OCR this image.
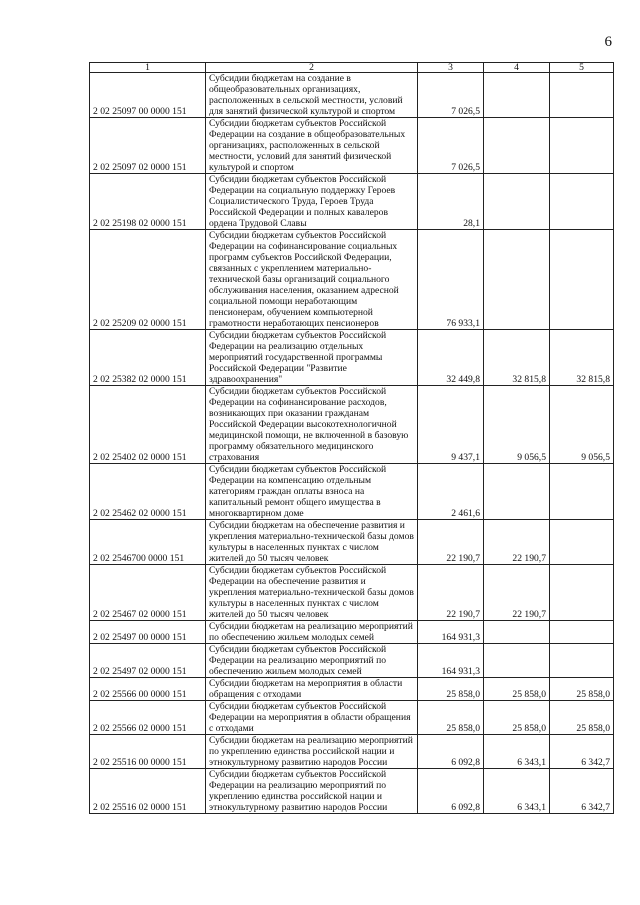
6
1	2	3	4	5
2 02 25097 00 0000 151	Субсидии бюджетам на создание в общеобразовательных организациях, расположенных в сельской местности, условий для занятий физической культурой и спортом	7 026,5		
2 02 25097 02 0000 151	Субсидии бюджетам субъектов Российской Федерации на создание в общеобразовательных организациях, расположенных в сельской местности, условий для занятий физической культурой и спортом	7 026,5		
2 02 25198 02 0000 151	Субсидии бюджетам субъектов Российской Федерации на социальную поддержку Героев Социалистического Труда, Героев Труда Российской Федерации и полных кавалеров ордена Трудовой Славы	28,1		
2 02 25209 02 0000 151	Субсидии бюджетам субъектов Российской Федерации на софинансирование социальных программ субъектов Российской Федерации, связанных с укреплением материально-технической базы организаций социального обслуживания населения, оказанием адресной социальной помощи неработающим пенсионерам, обучением компьютерной грамотности неработающих пенсионеров	76 933,1		
2 02 25382 02 0000 151	Субсидии бюджетам субъектов Российской Федерации на реализацию отдельных мероприятий государственной программы Российской Федерации "Развитие здравоохранения"	32 449,8	32 815,8	32 815,8
2 02 25402 02 0000 151	Субсидии бюджетам субъектов Российской Федерации на софинансирование расходов, возникающих при оказании гражданам Российской Федерации высокотехнологичной медицинской помощи, не включенной в базовую программу обязательного медицинского страхования	9 437,1	9 056,5	9 056,5
2 02 25462 02 0000 151	Субсидии бюджетам субъектов Российской Федерации на компенсацию отдельным категориям граждан оплаты взноса на капитальный ремонт общего имущества в многоквартирном доме	2 461,6		
2 02 2546700 0000 151	Субсидии бюджетам на обеспечение развития и укрепления материально-технической базы домов культуры в населенных пунктах с числом жителей до 50 тысяч человек	22 190,7	22 190,7	
2 02 25467 02 0000 151	Субсидии бюджетам субъектов Российской Федерации на обеспечение развития и укрепления материально-технической базы домов культуры в населенных пунктах с числом жителей до 50 тысяч человек	22 190,7	22 190,7	
2 02 25497 00 0000 151	Субсидии бюджетам на реализацию мероприятий по обеспечению жильем молодых семей	164 931,3		
2 02 25497 02 0000 151	Субсидии бюджетам субъектов Российской Федерации на реализацию мероприятий по обеспечению жильем молодых семей	164 931,3		
2 02 25566 00 0000 151	Субсидии бюджетам на мероприятия в области обращения с отходами	25 858,0	25 858,0	25 858,0
2 02 25566 02 0000 151	Субсидии бюджетам субъектов Российской Федерации на мероприятия в области обращения с отходами	25 858,0	25 858,0	25 858,0
2 02 25516 00 0000 151	Субсидии бюджетам на реализацию мероприятий по укреплению единства российской нации и этнокультурному развитию народов России	6 092,8	6 343,1	6 342,7
2 02 25516 02 0000 151	Субсидии бюджетам субъектов Российской Федерации на реализацию мероприятий по укреплению единства российской нации и этнокультурному развитию народов России	6 092,8	6 343,1	6 342,7
